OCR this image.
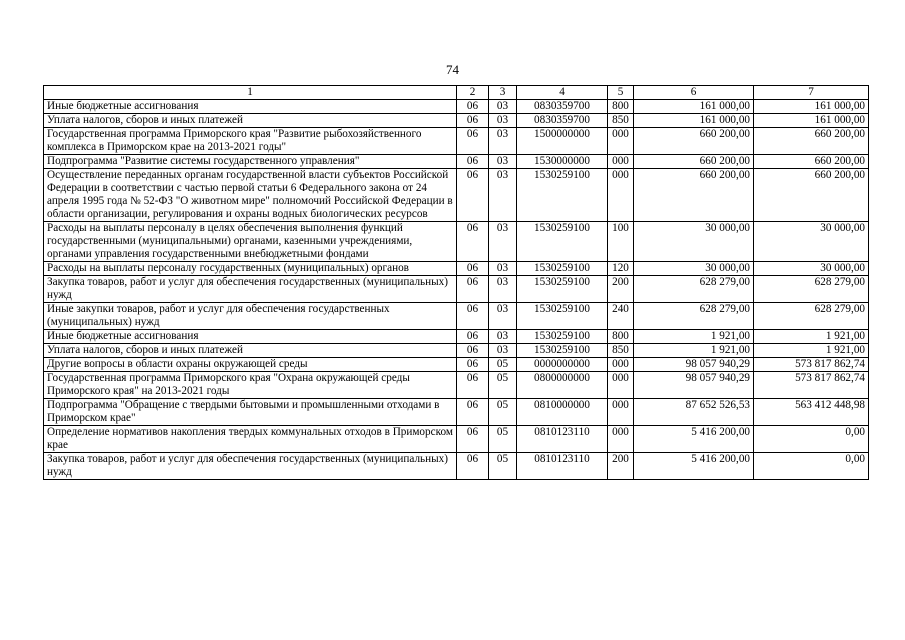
74
1	2	3	4	5	6	7
Иные бюджетные ассигнования	06	03	0830359700	800	161 000,00	161 000,00
Уплата налогов, сборов и иных платежей	06	03	0830359700	850	161 000,00	161 000,00
Государственная программа Приморского края "Развитие рыбохозяйственного комплекса в Приморском крае на 2013-2021 годы"	06	03	1500000000	000	660 200,00	660 200,00
Подпрограмма "Развитие системы государственного управления"	06	03	1530000000	000	660 200,00	660 200,00
Осуществление переданных органам государственной власти субъектов Российской Федерации в соответствии с частью первой статьи 6 Федерального закона от 24 апреля 1995 года № 52-ФЗ "О животном мире" полномочий Российской Федерации в области организации, регулирования и охраны водных биологических ресурсов	06	03	1530259100	000	660 200,00	660 200,00
Расходы на выплаты персоналу в целях обеспечения выполнения функций государственными (муниципальными) органами, казенными учреждениями, органами управления государственными внебюджетными фондами	06	03	1530259100	100	30 000,00	30 000,00
Расходы на выплаты персоналу государственных (муниципальных) органов	06	03	1530259100	120	30 000,00	30 000,00
Закупка товаров, работ и услуг для обеспечения государственных (муниципальных) нужд	06	03	1530259100	200	628 279,00	628 279,00
Иные закупки товаров, работ и услуг для обеспечения государственных (муниципальных) нужд	06	03	1530259100	240	628 279,00	628 279,00
Иные бюджетные ассигнования	06	03	1530259100	800	1 921,00	1 921,00
Уплата налогов, сборов и иных платежей	06	03	1530259100	850	1 921,00	1 921,00
Другие вопросы в области охраны окружающей среды	06	05	0000000000	000	98 057 940,29	573 817 862,74
Государственная программа Приморского края "Охрана окружающей среды Приморского края" на 2013-2021 годы	06	05	0800000000	000	98 057 940,29	573 817 862,74
Подпрограмма "Обращение с твердыми бытовыми и промышленными отходами в Приморском крае"	06	05	0810000000	000	87 652 526,53	563 412 448,98
Определение нормативов накопления твердых коммунальных отходов в Приморском крае	06	05	0810123110	000	5 416 200,00	0,00
Закупка товаров, работ и услуг для обеспечения государственных (муниципальных) нужд	06	05	0810123110	200	5 416 200,00	0,00
